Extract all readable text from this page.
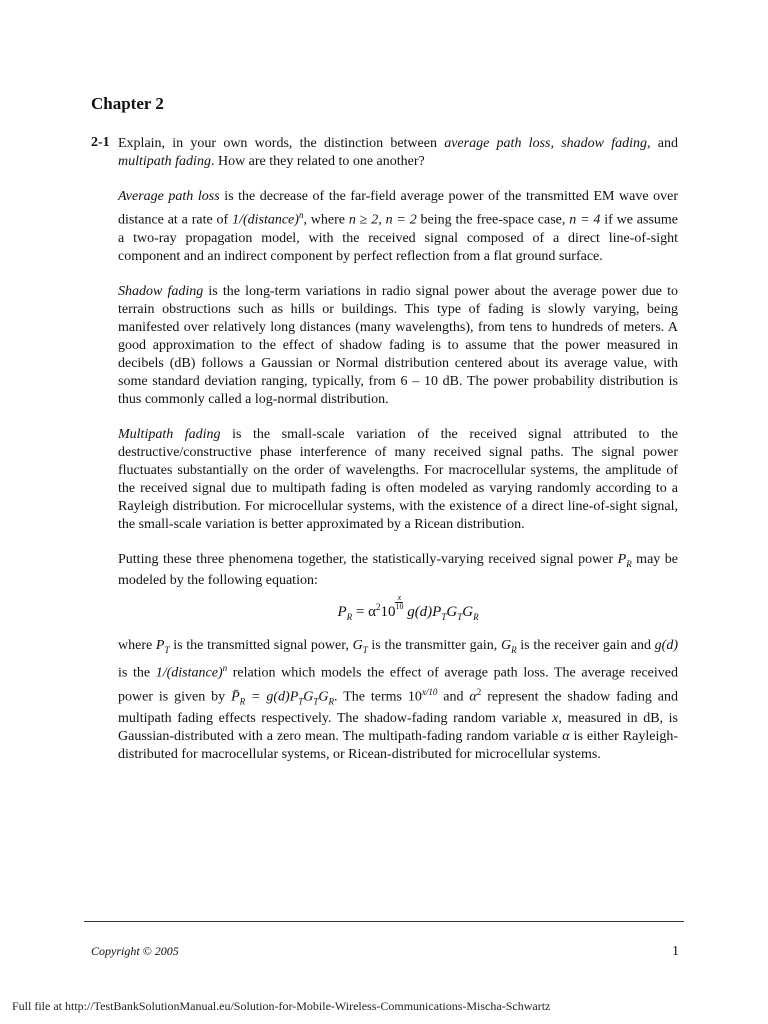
Chapter 2
2-1 Explain, in your own words, the distinction between average path loss, shadow fading, and multipath fading. How are they related to one another?

Average path loss is the decrease of the far-field average power of the transmitted EM wave over distance at a rate of 1/(distance)$^n$, where n ≥ 2, n = 2 being the free-space case, n = 4 if we assume a two-ray propagation model, with the received signal composed of a direct line-of-sight component and an indirect component by perfect reflection from a flat ground surface.

Shadow fading is the long-term variations in radio signal power about the average power due to terrain obstructions such as hills or buildings. This type of fading is slowly varying, being manifested over relatively long distances (many wavelengths), from tens to hundreds of meters. A good approximation to the effect of shadow fading is to assume that the power measured in decibels (dB) follows a Gaussian or Normal distribution centered about its average value, with some standard deviation ranging, typically, from 6 – 10 dB. The power probability distribution is thus commonly called a log-normal distribution.

Multipath fading is the small-scale variation of the received signal attributed to the destructive/constructive phase interference of many received signal paths. The signal power fluctuates substantially on the order of wavelengths. For macrocellular systems, the amplitude of the received signal due to multipath fading is often modeled as varying randomly according to a Rayleigh distribution. For microcellular systems, with the existence of a direct line-of-sight signal, the small-scale variation is better approximated by a Ricean distribution.

Putting these three phenomena together, the statistically-varying received signal power $P_R$ may be modeled by the following equation:

$P_R = \alpha^210$
$\frac{x}{10}$
$g(d)P_TG_TG_R$

where $P_T$ is the transmitted signal power, $G_T$ is the transmitter gain, $G_R$ is the receiver gain and g(d) is the 1/(distance)$^n$ relation which models the effect of average path loss. The average received power is given by $P̄_R = g(d)P_TG_TG_R$. The terms $10^{x/10}$ and $\alpha^2$ represent the shadow fading and multipath fading effects respectively. The shadow-fading random variable x, measured in dB, is Gaussian-distributed with a zero mean. The multipath-fading random variable α is either Rayleigh-distributed for macrocellular systems, or Ricean-distributed for microcellular systems.

Copyright © 2005	1
Full file at http://TestBankSolutionManual.eu/Solution-for-Mobile-Wireless-Communications-Mischa-Schwartz
